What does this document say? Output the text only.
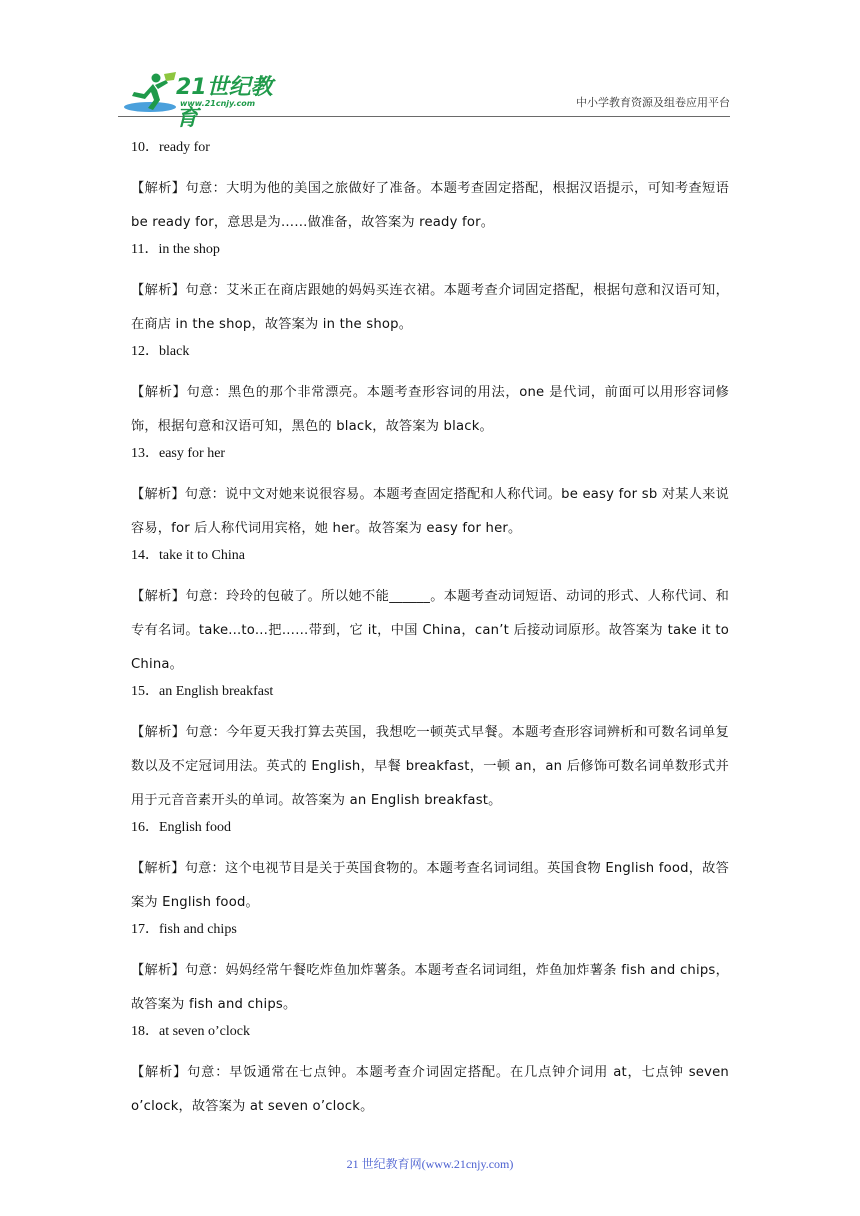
21世纪教育
www.21cnjy.com	中小学教育资源及组卷应用平台

10．ready for

【解析】句意：大明为他的美国之旅做好了准备。本题考查固定搭配，根据汉语提示，可知考查短语 be ready for，意思是为……做准备，故答案为 ready for。

11．in the shop

【解析】句意：艾米正在商店跟她的妈妈买连衣裙。本题考查介词固定搭配，根据句意和汉语可知，在商店 in the shop，故答案为 in the shop。

12．black

【解析】句意：黑色的那个非常漂亮。本题考查形容词的用法，one 是代词，前面可以用形容词修饰，根据句意和汉语可知，黑色的 black，故答案为 black。

13．easy for her

【解析】句意：说中文对她来说很容易。本题考查固定搭配和人称代词。be easy for sb 对某人来说容易，for 后人称代词用宾格，她 her。故答案为 easy for her。

14．take it to China

【解析】句意：玲玲的包破了。所以她不能______。本题考查动词短语、动词的形式、人称代词、和专有名词。take...to...把……带到，它 it，中国 China，can’t 后接动词原形。故答案为 take it to China。

15．an English breakfast

【解析】句意：今年夏天我打算去英国，我想吃一顿英式早餐。本题考查形容词辨析和可数名词单复数以及不定冠词用法。英式的 English，早餐 breakfast，一顿 an，an 后修饰可数名词单数形式并用于元音音素开头的单词。故答案为 an English breakfast。

16．English food

【解析】句意：这个电视节目是关于英国食物的。本题考查名词词组。英国食物 English food，故答案为 English food。

17．fish and chips

【解析】句意：妈妈经常午餐吃炸鱼加炸薯条。本题考查名词词组，炸鱼加炸薯条 fish and chips，故答案为 fish and chips。

18．at seven o’clock

【解析】句意：早饭通常在七点钟。本题考查介词固定搭配。在几点钟介词用 at，七点钟 seven o’clock，故答案为 at seven o’clock。

21 世纪教育网(www.21cnjy.com)
